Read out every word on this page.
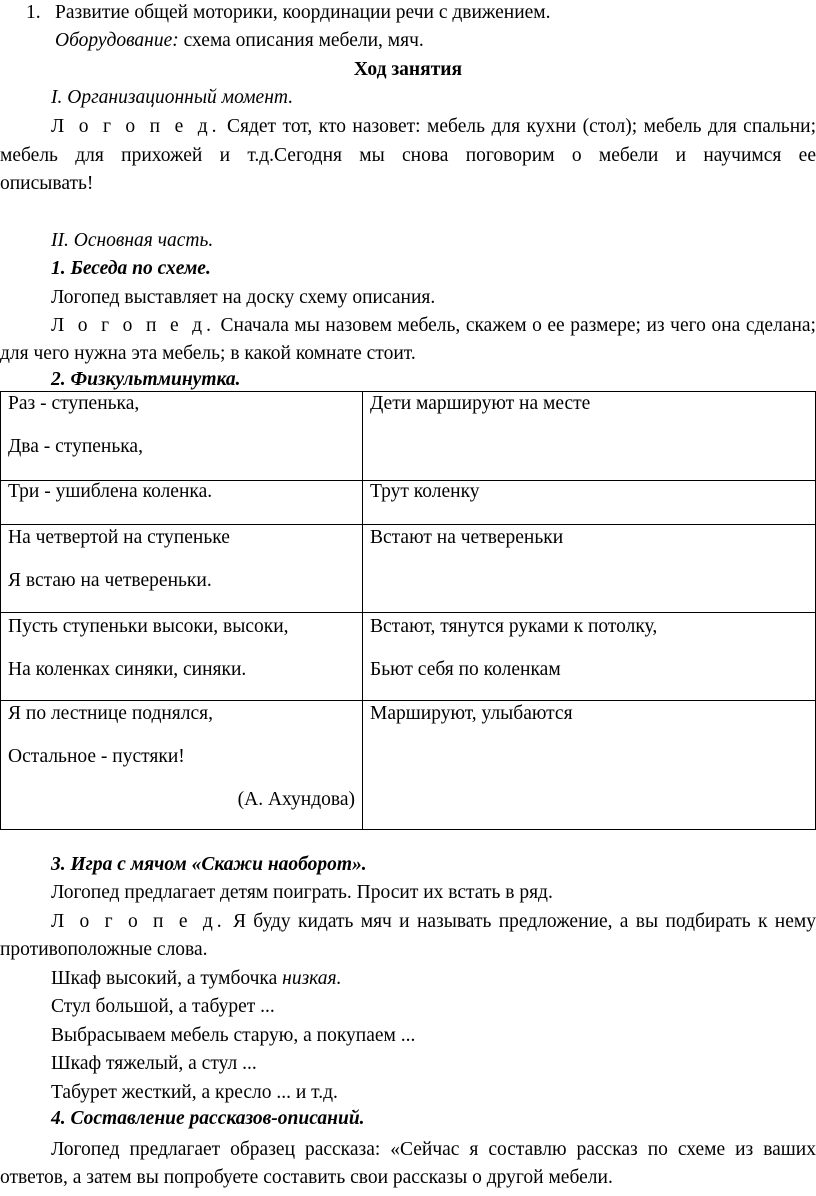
1. Развитие общей моторики, координации речи с движением.
Оборудование: схема описания мебели, мяч.
Ход занятия
I. Организационный момент.
Л о г о п е д. Сядет тот, кто назовет: мебель для кухни (стол); мебель для спальни;
мебель для прихожей и т.д.Сегодня мы снова поговорим о мебели и научимся ее
описывать!
II. Основная часть.
1. Беседа по схеме.
Логопед выставляет на доску схему описания.
Л о г о п е д. Сначала мы назовем мебель, скажем о ее размере; из чего она сделана;
для чего нужна эта мебель; в какой комнате стоит.
2. Физкультминутка.
Раз - ступенька,
Два - ступенька,	Дети маршируют на месте

Три - ушиблена коленка.	Трут коленку

На четвертой на ступеньке
Я встаю на четвереньки.	Встают на четвереньки

Пусть ступеньки высоки, высоки,
На коленках синяки, синяки.	Встают, тянутся руками к потолку,
Бьют себя по коленкам

Я по лестнице поднялся,
Остальное - пустяки!
(А. Ахундова)	Маршируют, улыбаются
3. Игра с мячом «Скажи наоборот».
Логопед предлагает детям поиграть. Просит их встать в ряд.
Л о г о п е д. Я буду кидать мяч и называть предложение, а вы подбирать к нему
противоположные слова.
Шкаф высокий, а тумбочка низкая.
Стул большой, а табурет ...
Выбрасываем мебель старую, а покупаем ...
Шкаф тяжелый, а стул ...
Табурет жесткий, а кресло ... и т.д.
4. Составление рассказов-описаний.
Логопед предлагает образец рассказа: «Сейчас я составлю рассказ по схеме из ваших
ответов, а затем вы попробуете составить свои рассказы о другой мебели.
